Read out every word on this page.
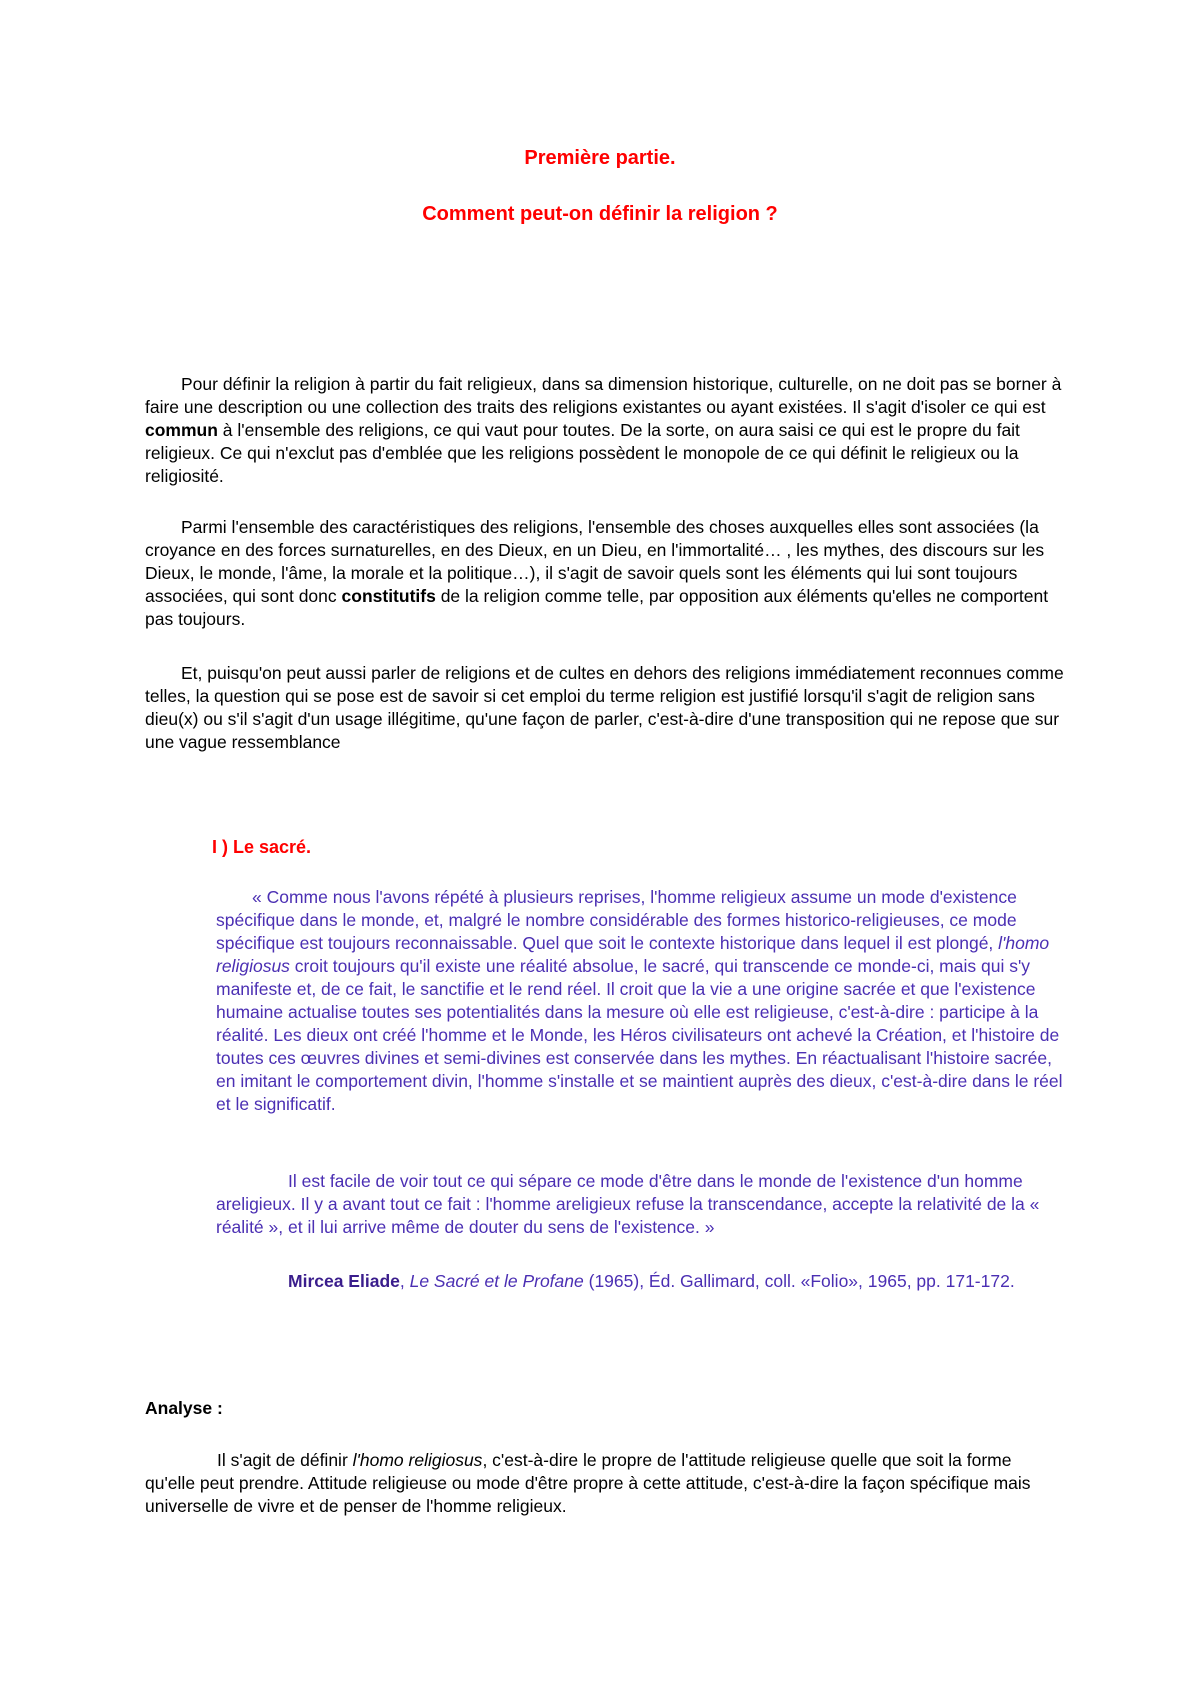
Première partie.
Comment peut-on définir la religion ?
Pour définir la religion à partir du fait religieux, dans sa dimension historique, culturelle, on ne doit pas se borner à faire une description ou une collection des traits des religions existantes ou ayant existées. Il s'agit d'isoler ce qui est commun à l'ensemble des religions, ce qui vaut pour toutes. De la sorte, on aura saisi ce qui est le propre du fait religieux. Ce qui n'exclut pas d'emblée que les religions possèdent le monopole de ce qui définit le religieux ou la religiosité.
Parmi l'ensemble des caractéristiques des religions, l'ensemble des choses auxquelles elles sont associées (la croyance en des forces surnaturelles, en des Dieux, en un Dieu, en l'immortalité… , les mythes, des discours sur les Dieux, le monde, l'âme, la morale et la politique…), il s'agit de savoir quels sont les éléments qui lui sont toujours associées, qui sont donc constitutifs de la religion comme telle, par opposition aux éléments qu'elles ne comportent pas toujours.
Et, puisqu'on peut aussi parler de religions et de cultes en dehors des religions immédiatement reconnues comme telles, la question qui se pose est de savoir si cet emploi du terme religion est justifié lorsqu'il s'agit de religion sans dieu(x) ou s'il s'agit d'un usage illégitime, qu'une façon de parler, c'est-à-dire d'une transposition qui ne repose que sur une vague ressemblance
I ) Le sacré.
« Comme nous l'avons répété à plusieurs reprises, l'homme religieux assume un mode d'existence spécifique dans le monde, et, malgré le nombre considérable des formes historico-religieuses, ce mode spécifique est toujours reconnaissable. Quel que soit le contexte historique dans lequel il est plongé, l'homo religiosus croit toujours qu'il existe une réalité absolue, le sacré, qui transcende ce monde-ci, mais qui s'y manifeste et, de ce fait, le sanctifie et le rend réel. Il croit que la vie a une origine sacrée et que l'existence humaine actualise toutes ses potentialités dans la mesure où elle est religieuse, c'est-à-dire : participe à la réalité. Les dieux ont créé l'homme et le Monde, les Héros civilisateurs ont achevé la Création, et l'histoire de toutes ces œuvres divines et semi-divines est conservée dans les mythes. En réactualisant l'histoire sacrée, en imitant le comportement divin, l'homme s'installe et se maintient auprès des dieux, c'est-à-dire dans le réel et le significatif.
Il est facile de voir tout ce qui sépare ce mode d'être dans le monde de l'existence d'un homme areligieux. Il y a avant tout ce fait : l'homme areligieux refuse la transcendance, accepte la relativité de la « réalité », et il lui arrive même de douter du sens de l'existence. »
Mircea Eliade, Le Sacré et le Profane (1965), Éd. Gallimard, coll. «Folio», 1965, pp. 171-172.
Analyse :
Il s'agit de définir l'homo religiosus, c'est-à-dire le propre de l'attitude religieuse quelle que soit la forme qu'elle peut prendre. Attitude religieuse ou mode d'être propre à cette attitude, c'est-à-dire la façon spécifique mais universelle de vivre et de penser de l'homme religieux.
